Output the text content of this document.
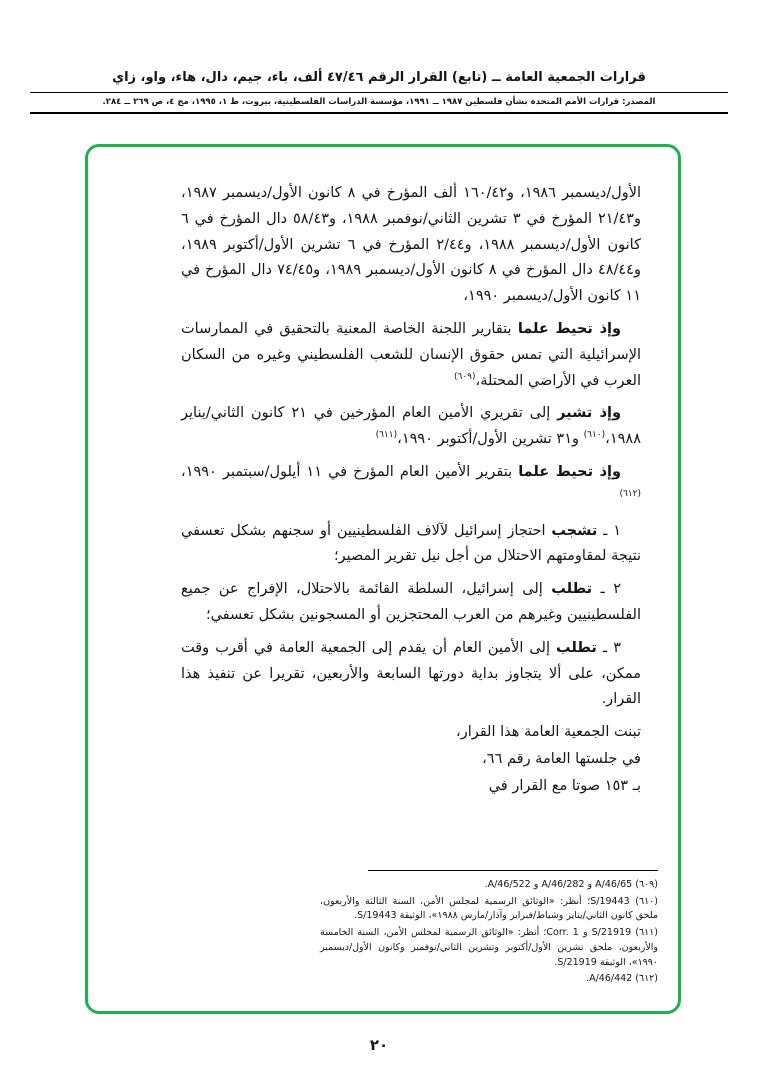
قرارات الجمعية العامة ــ (تابع) القرار الرقم ٤٧/٤٦ ألف، باء، جيم، دال، هاء، واو، زاي
المصدر: قرارات الأمم المتحدة بشأن فلسطين ١٩٨٧ ــ ١٩٩١، مؤسسة الدراسات الفلسطينية، بيروت، ط ١، ١٩٩٥، مج ٤، ص ٢٦٩ ــ ٢٨٤.

الأول/ديسمبر ١٩٨٦، و١٦٠/٤٢ ألف المؤرخ في ٨ كانون الأول/ديسمبر ١٩٨٧، و٢١/٤٣ المؤرخ في ٣ تشرين الثاني/نوفمبر ١٩٨٨، و٥٨/٤٣ دال المؤرخ في ٦ كانون الأول/ديسمبر ١٩٨٨، و٢/٤٤ المؤرخ في ٦ تشرين الأول/أكتوبر ١٩٨٩، و٤٨/٤٤ دال المؤرخ في ٨ كانون الأول/ديسمبر ١٩٨٩، و٧٤/٤٥ دال المؤرخ في ١١ كانون الأول/ديسمبر ١٩٩٠،

وإذ تحيط علما بتقارير اللجنة الخاصة المعنية بالتحقيق في الممارسات الإسرائيلية التي تمس حقوق الإنسان للشعب الفلسطيني وغيره من السكان العرب في الأراضي المحتلة،$^{(٦٠٩)}$

وإذ تشير إلى تقريري الأمين العام المؤرخين في ٢١ كانون الثاني/يناير ١٩٨٨،$^{(٦١٠)}$ و٣١ تشرين الأول/أكتوبر ١٩٩٠،$^{(٦١١)}$

وإذ تحيط علما بتقرير الأمين العام المؤرخ في ١١ أيلول/سبتمبر ١٩٩٠،$^{(٦١٢)}$

١ ـ تشجب احتجاز إسرائيل لآلاف الفلسطينيين أو سجنهم بشكل تعسفي نتيجة لمقاومتهم الاحتلال من أجل نيل تقرير المصير؛

٢ ـ تطلب إلى إسرائيل، السلطة القائمة بالاحتلال، الإفراج عن جميع الفلسطينيين وغيرهم من العرب المحتجزين أو المسجونين بشكل تعسفي؛

٣ ـ تطلب إلى الأمين العام أن يقدم إلى الجمعية العامة في أقرب وقت ممكن، على ألا يتجاوز بداية دورتها السابعة والأربعين، تقريرا عن تنفيذ هذا القرار.

تبنت الجمعية العامة هذا القرار،

في جلستها العامة رقم ٦٦،

بـ ١٥٣ صوتا مع القرار في

(٦٠٩) A/46/65 و A/46/282 و A/46/522.
(٦١٠) S/19443؛ أنظر: «الوثائق الرسمية لمجلس الأمن، السنة الثالثة والأربعون، ملحق كانون الثاني/يناير وشباط/فبراير وآذار/مارس ١٩٨٨»، الوثيقة S/19443.
(٦١١) S/21919 و Corr. 1؛ أنظر: «الوثائق الرسمية لمجلس الأمن، السنة الخامسة والأربعون، ملحق تشرين الأول/أكتوبر وتشرين الثاني/نوفمبر وكانون الأول/ديسمبر ١٩٩٠»، الوثيقة S/21919.
(٦١٢) A/46/442.
٢٠
